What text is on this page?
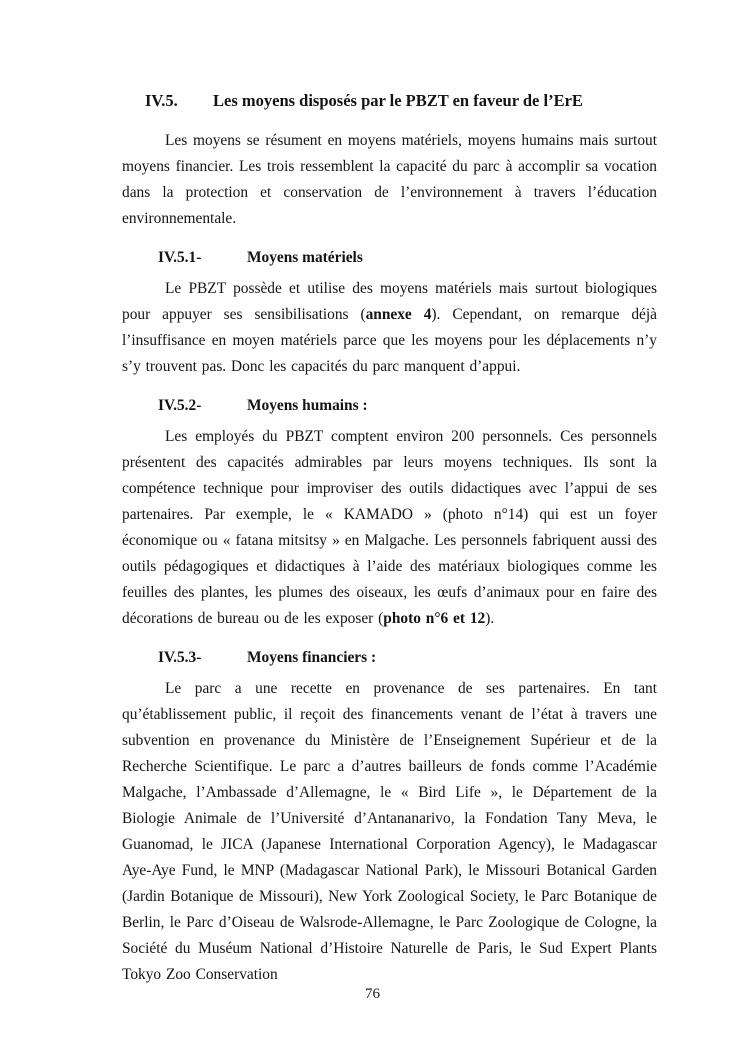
IV.5.	Les moyens disposés par le PBZT en faveur de l’ErE

Les moyens se résument en moyens matériels, moyens humains mais surtout moyens financier. Les trois ressemblent la capacité du parc à accomplir sa vocation dans la protection et conservation de l’environnement à travers l’éducation environnementale.

IV.5.1-	Moyens matériels

Le PBZT possède et utilise des moyens matériels mais surtout biologiques pour appuyer ses sensibilisations (annexe 4). Cependant, on remarque déjà l’insuffisance en moyen matériels parce que les moyens pour les déplacements n’y s’y trouvent pas. Donc les capacités du parc manquent d’appui.

IV.5.2-	Moyens humains :

Les employés du PBZT comptent environ 200 personnels. Ces personnels présentent des capacités admirables par leurs moyens techniques. Ils sont la compétence technique pour improviser des outils didactiques avec l’appui de ses partenaires. Par exemple, le « KAMADO » (photo n°14) qui est un foyer économique ou « fatana mitsitsy » en Malgache. Les personnels fabriquent aussi des outils pédagogiques et didactiques à l’aide des matériaux biologiques comme les feuilles des plantes, les plumes des oiseaux, les œufs d’animaux pour en faire des décorations de bureau ou de les exposer (photo n°6 et 12).

IV.5.3-	Moyens financiers :

Le parc a une recette en provenance de ses partenaires. En tant qu’établissement public, il reçoit des financements venant de l’état à travers une subvention en provenance du Ministère de l’Enseignement Supérieur et de la Recherche Scientifique. Le parc a d’autres bailleurs de fonds comme l’Académie Malgache, l’Ambassade d’Allemagne, le « Bird Life », le Département de la Biologie Animale de l’Université d’Antananarivo, la Fondation Tany Meva, le Guanomad, le JICA (Japanese International Corporation Agency), le Madagascar Aye-Aye Fund, le MNP (Madagascar National Park), le Missouri Botanical Garden (Jardin Botanique de Missouri), New York Zoological Society, le Parc Botanique de Berlin, le Parc d’Oiseau de Walsrode-Allemagne, le Parc Zoologique de Cologne, la Société du Muséum National d’Histoire Naturelle de Paris, le Sud Expert Plants Tokyo Zoo Conservation

76
